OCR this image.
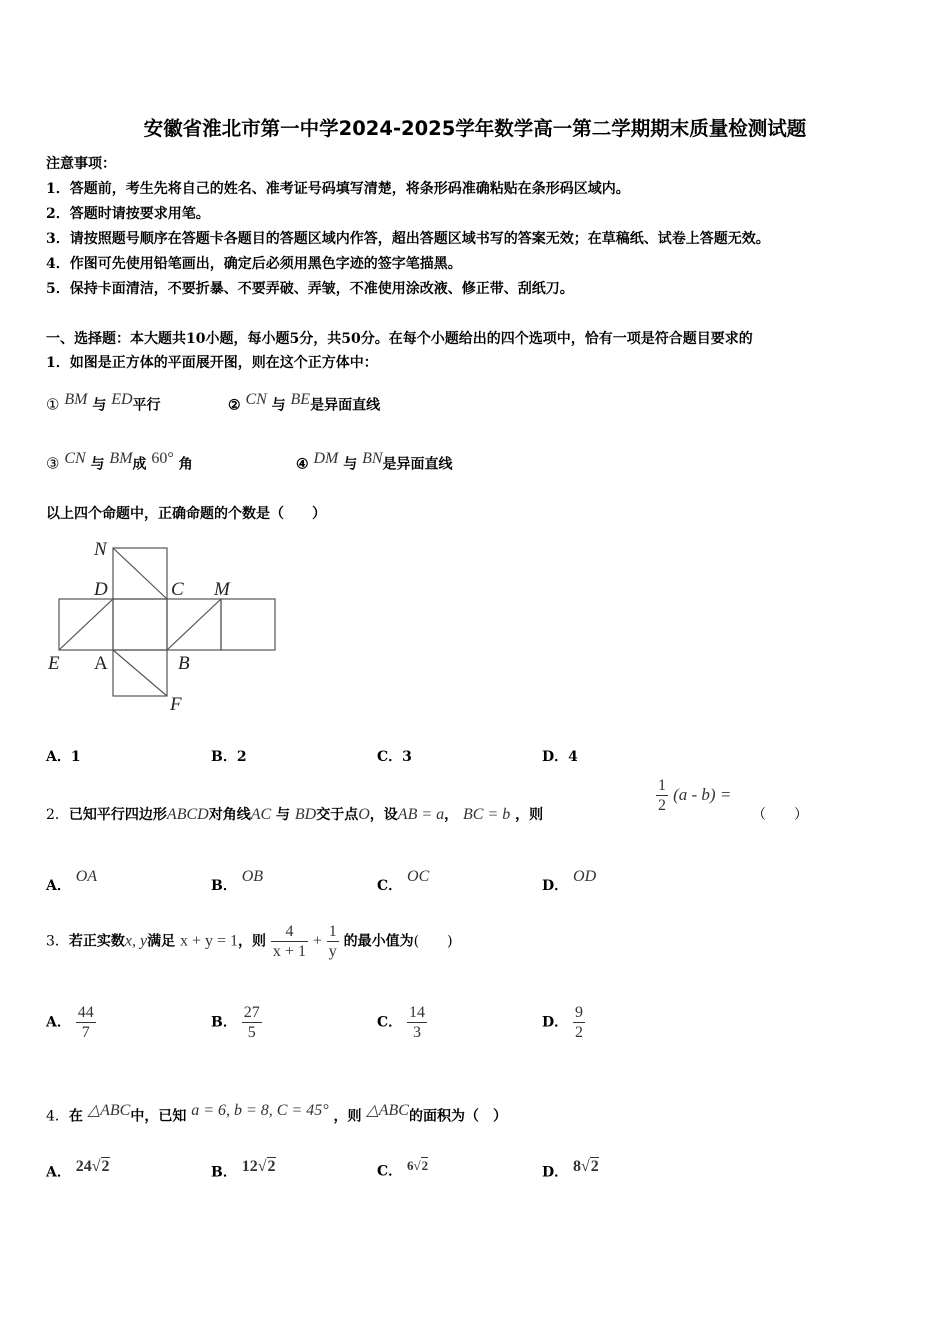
安徽省淮北市第一中学2024-2025学年数学高一第二学期期末质量检测试题
注意事项：
1．答题前，考生先将自己的姓名、准考证号码填写清楚，将条形码准确粘贴在条形码区域内。
2．答题时请按要求用笔。
3．请按照题号顺序在答题卡各题目的答题区域内作答，超出答题区域书写的答案无效；在草稿纸、试卷上答题无效。
4．作图可先使用铅笔画出，确定后必须用黑色字迹的签字笔描黑。
5．保持卡面清洁，不要折暴、不要弄破、弄皱，不准使用涂改液、修正带、刮纸刀。
一、选择题：本大题共10小题，每小题5分，共50分。在每个小题给出的四个选项中，恰有一项是符合题目要求的
1．如图是正方体的平面展开图，则在这个正方体中：
① $^{BM}$ 与 $^{ED}$平行	② $^{CN}$ 与 $^{BE}$是异面直线
③ $^{CN}$ 与 $^{BM}$成 $^{60^\circ}$ 角	④ $^{DM}$ 与 $^{BN}$是异面直线
以上四个命题中，正确命题的个数是（　　）
N
D	C M
E A	B
F
A．1	B．2	C．3	D．4
2．已知平行四边形ABCD对角线AC 与 BD交于点O，设AB = a， BC = b ，则	$\frac{1}{2} (a - b)$ =
（　　）
A． OA
B． OB
C． OC
D． OD
3．若正实数x, y满足 x + y = 1，则 $\frac{4}{x + 1} + \frac{1}{y}$ 的最小值为(　　)
A． $\frac{44}{7}$	B． $\frac{27}{5}$	C． $\frac{14}{3}$	D． $\frac{9}{2}$
4．在 $^{\triangle ABC}$中，已知 $^{a = 6, b = 8, C = 45^\circ}$ ，则 $^{\triangle ABC}$的面积为（　）
A． $^{24√2}$	B． $^{12√2}$	C． $^{6√2}$	D． $^{8√2}$
